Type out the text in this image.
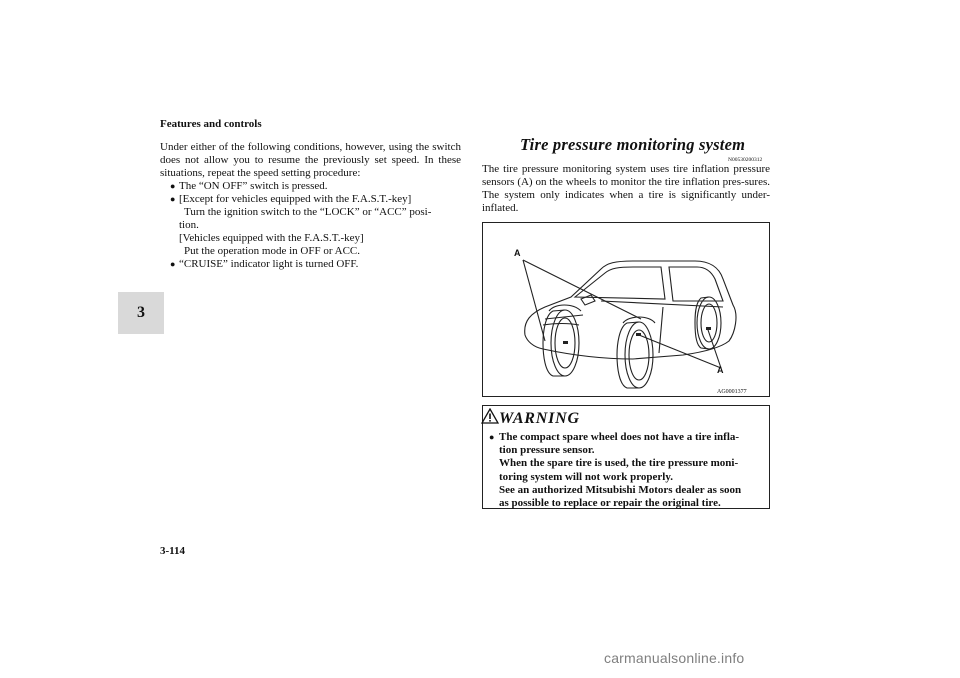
Features and controls
3

Under either of the following conditions, however, using the switch does not allow you to resume the previously set speed. In these situations, repeat the speed setting procedure:

● The “ON OFF” switch is pressed.
● [Except for vehicles equipped with the F.A.S.T.-key]
Turn the ignition switch to the “LOCK” or “ACC” posi-
tion.
[Vehicles equipped with the F.A.S.T.-key]
Put the operation mode in OFF or ACC.
● “CRUISE” indicator light is turned OFF.
Tire pressure monitoring system
N00530200312

The tire pressure monitoring system uses tire inflation pressure sensors (A) on the wheels to monitor the tire inflation pres-sures. The system only indicates when a tire is significantly under-inflated.

A
A
AG0001377
WARNING
● The compact spare wheel does not have a tire infla-
tion pressure sensor.
When the spare tire is used, the tire pressure moni-
toring system will not work properly.
See an authorized Mitsubishi Motors dealer as soon
as possible to replace or repair the original tire.
3-114
carmanualsonline.info
